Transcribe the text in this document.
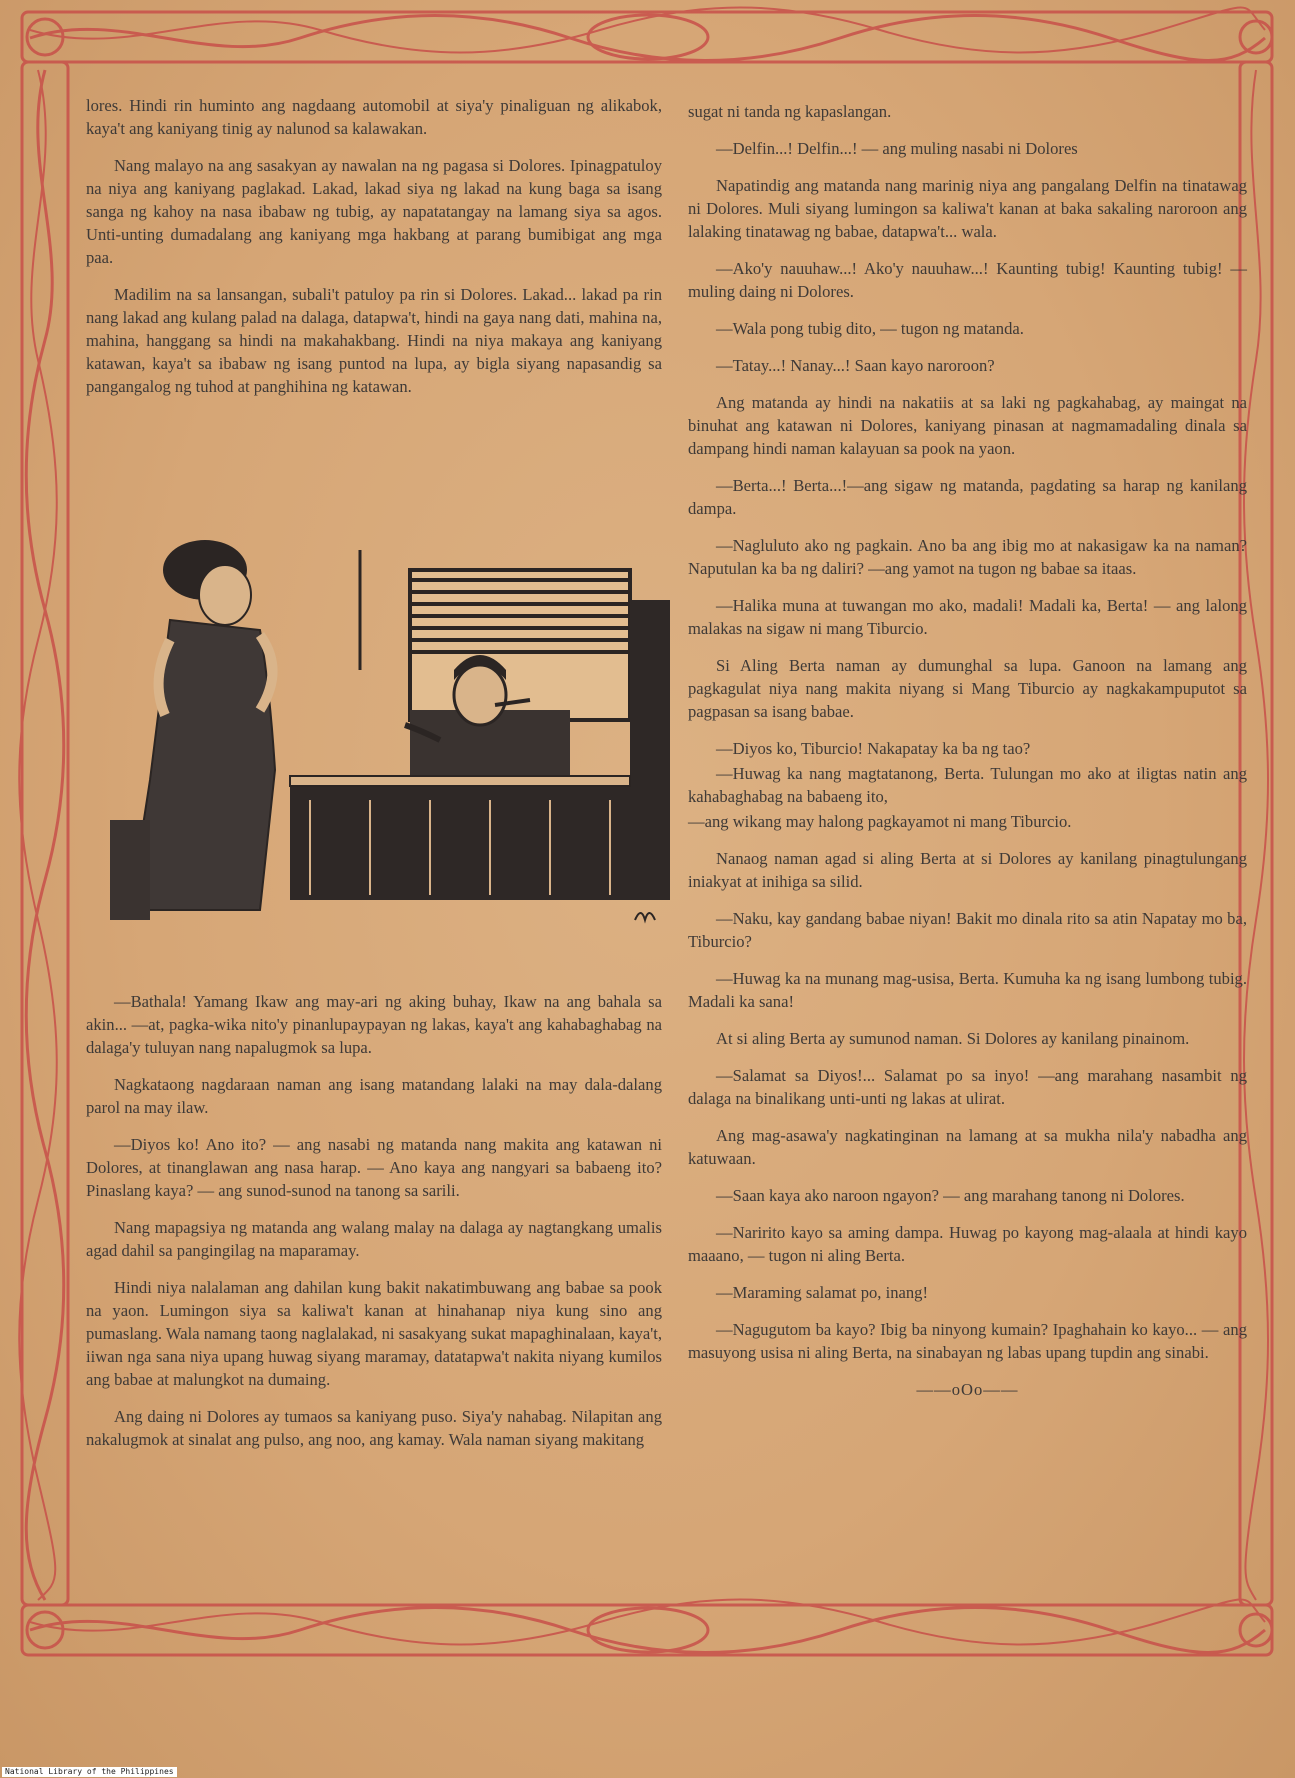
lores. Hindi rin huminto ang nagdaang automobil at siya'y pinaliguan ng alikabok, kaya't ang kaniyang tinig ay nalunod sa kalawakan.

Nang malayo na ang sasakyan ay nawalan na ng pagasa si Dolores. Ipinagpatuloy na niya ang kaniyang paglakad. Lakad, lakad siya ng lakad na kung baga sa isang sanga ng kahoy na nasa ibabaw ng tubig, ay napatatangay na lamang siya sa agos. Unti-unting dumadalang ang kaniyang mga hakbang at parang bumibigat ang mga paa.

Madilim na sa lansangan, subali't patuloy pa rin si Dolores. Lakad... lakad pa rin nang lakad ang kulang palad na dalaga, datapwa't, hindi na gaya nang dati, mahina na, mahina, hanggang sa hindi na makahakbang. Hindi na niya makaya ang kaniyang katawan, kaya't sa ibabaw ng isang puntod na lupa, ay bigla siyang napasandig sa pangangalog ng tuhod at panghihina ng katawan.

—Bathala! Yamang Ikaw ang may-ari ng aking buhay, Ikaw na ang bahala sa akin... —at, pagka-wika nito'y pinanlupaypayan ng lakas, kaya't ang kahabaghabag na dalaga'y tuluyan nang napalugmok sa lupa.

Nagkataong nagdaraan naman ang isang matandang lalaki na may dala-dalang parol na may ilaw.

—Diyos ko! Ano ito? — ang nasabi ng matanda nang makita ang katawan ni Dolores, at tinanglawan ang nasa harap. — Ano kaya ang nangyari sa babaeng ito? Pinaslang kaya? — ang sunod-sunod na tanong sa sarili.

Nang mapagsiya ng matanda ang walang malay na dalaga ay nagtangkang umalis agad dahil sa pangingilag na maparamay.

Hindi niya nalalaman ang dahilan kung bakit nakatimbuwang ang babae sa pook na yaon. Lumingon siya sa kaliwa't kanan at hinahanap niya kung sino ang pumaslang. Wala namang taong naglalakad, ni sasakyang sukat mapaghinalaan, kaya't, iiwan nga sana niya upang huwag siyang maramay, datatapwa't nakita niyang kumilos ang babae at malungkot na dumaing.

Ang daing ni Dolores ay tumaos sa kaniyang puso. Siya'y nahabag. Nilapitan ang nakalugmok at sinalat ang pulso, ang noo, ang kamay. Wala naman siyang makitang

sugat ni tanda ng kapaslangan.

—Delfin...! Delfin...! — ang muling nasabi ni Dolores

Napatindig ang matanda nang marinig niya ang pangalang Delfin na tinatawag ni Dolores. Muli siyang lumingon sa kaliwa't kanan at baka sakaling naroroon ang lalaking tinatawag ng babae, datapwa't... wala.

—Ako'y nauuhaw...! Ako'y nauuhaw...! Kaunting tubig! Kaunting tubig! — muling daing ni Dolores.

—Wala pong tubig dito, — tugon ng matanda.

—Tatay...! Nanay...! Saan kayo naroroon?

Ang matanda ay hindi na nakatiis at sa laki ng pagkahabag, ay maingat na binuhat ang katawan ni Dolores, kaniyang pinasan at nagmamadaling dinala sa dampang hindi naman kalayuan sa pook na yaon.

—Berta...! Berta...!—ang sigaw ng matanda, pagdating sa harap ng kanilang dampa.

—Nagluluto ako ng pagkain. Ano ba ang ibig mo at nakasigaw ka na naman? Naputulan ka ba ng daliri? —ang yamot na tugon ng babae sa itaas.

—Halika muna at tuwangan mo ako, madali! Madali ka, Berta! — ang lalong malakas na sigaw ni mang Tiburcio.

Si Aling Berta naman ay dumunghal sa lupa. Ganoon na lamang ang pagkagulat niya nang makita niyang si Mang Tiburcio ay nagkakampuputot sa pagpasan sa isang babae.

—Diyos ko, Tiburcio! Nakapatay ka ba ng tao?

—Huwag ka nang magtatanong, Berta. Tulungan mo ako at iligtas natin ang kahabaghabag na babaeng ito,

—ang wikang may halong pagkayamot ni mang Tiburcio.

Nanaog naman agad si aling Berta at si Dolores ay kanilang pinagtulungang iniakyat at inihiga sa silid.

—Naku, kay gandang babae niyan! Bakit mo dinala rito sa atin Napatay mo ba, Tiburcio?

—Huwag ka na munang mag-usisa, Berta. Kumuha ka ng isang lumbong tubig. Madali ka sana!

At si aling Berta ay sumunod naman. Si Dolores ay kanilang pinainom.

—Salamat sa Diyos!... Salamat po sa inyo! —ang marahang nasambit ng dalaga na binalikang unti-unti ng lakas at ulirat.

Ang mag-asawa'y nagkatinginan na lamang at sa mukha nila'y nabadha ang katuwaan.

—Saan kaya ako naroon ngayon? — ang marahang tanong ni Dolores.

—Naririto kayo sa aming dampa. Huwag po kayong mag-alaala at hindi kayo maaano, — tugon ni aling Berta.

—Maraming salamat po, inang!

—Nagugutom ba kayo? Ibig ba ninyong kumain? Ipaghahain ko kayo... — ang masuyong usisa ni aling Berta, na sinabayan ng labas upang tupdin ang sinabi.

——oOo——

National Library of the Philippines
